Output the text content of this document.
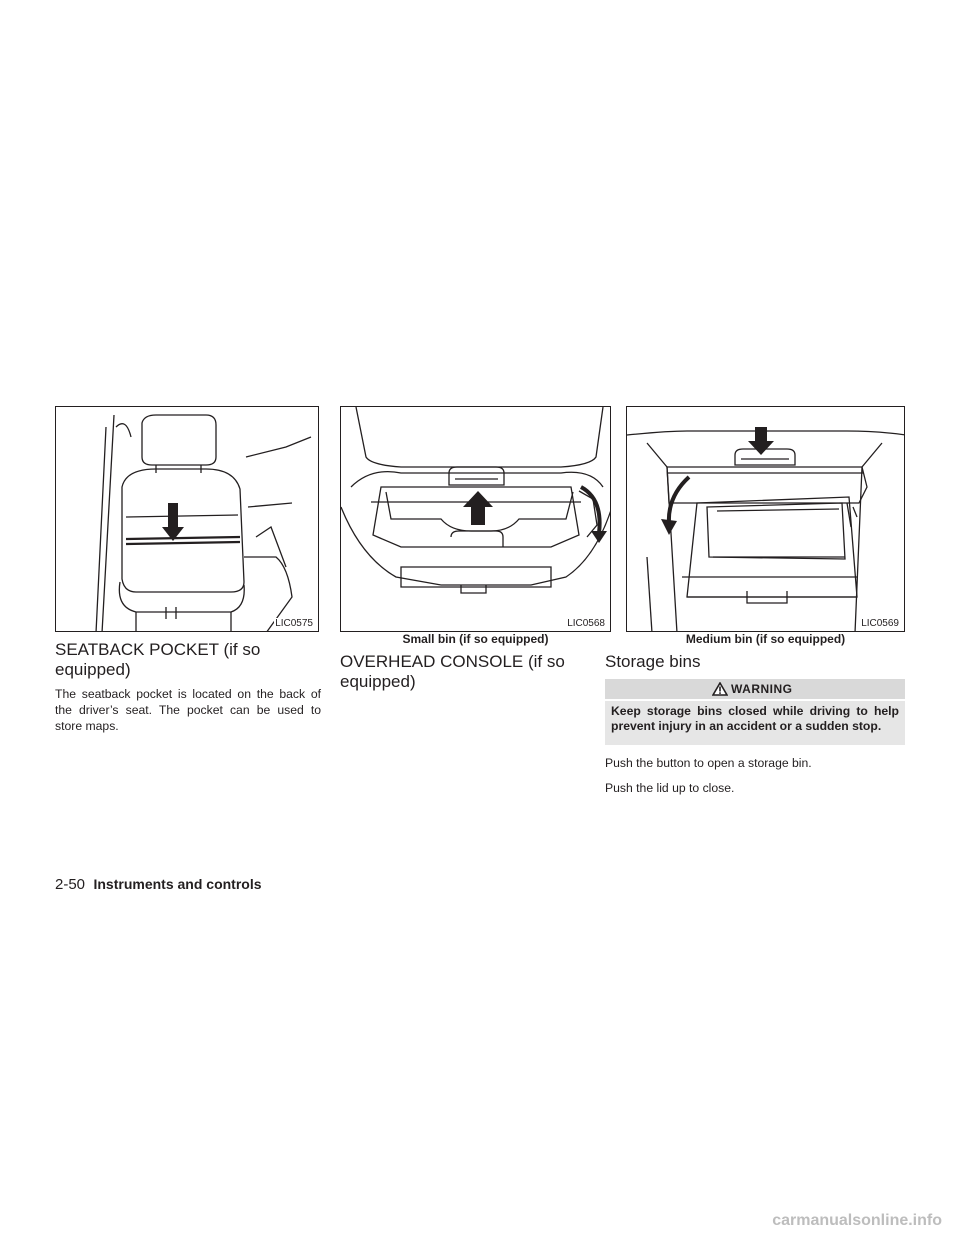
LIC0575	LIC0568
Small bin (if so equipped)
LIC0569
Medium bin (if so equipped)
SEATBACK POCKET (if so equipped)

The seatback pocket is located on the back of the driver’s seat. The pocket can be used to store maps.

OVERHEAD CONSOLE (if so equipped)
Storage bins
WARNING
Keep storage bins closed while driving to help prevent injury in an accident or a sudden stop.

Push the button to open a storage bin.

Push the lid up to close.

2-50 Instruments and controls
carmanualsonline.info
